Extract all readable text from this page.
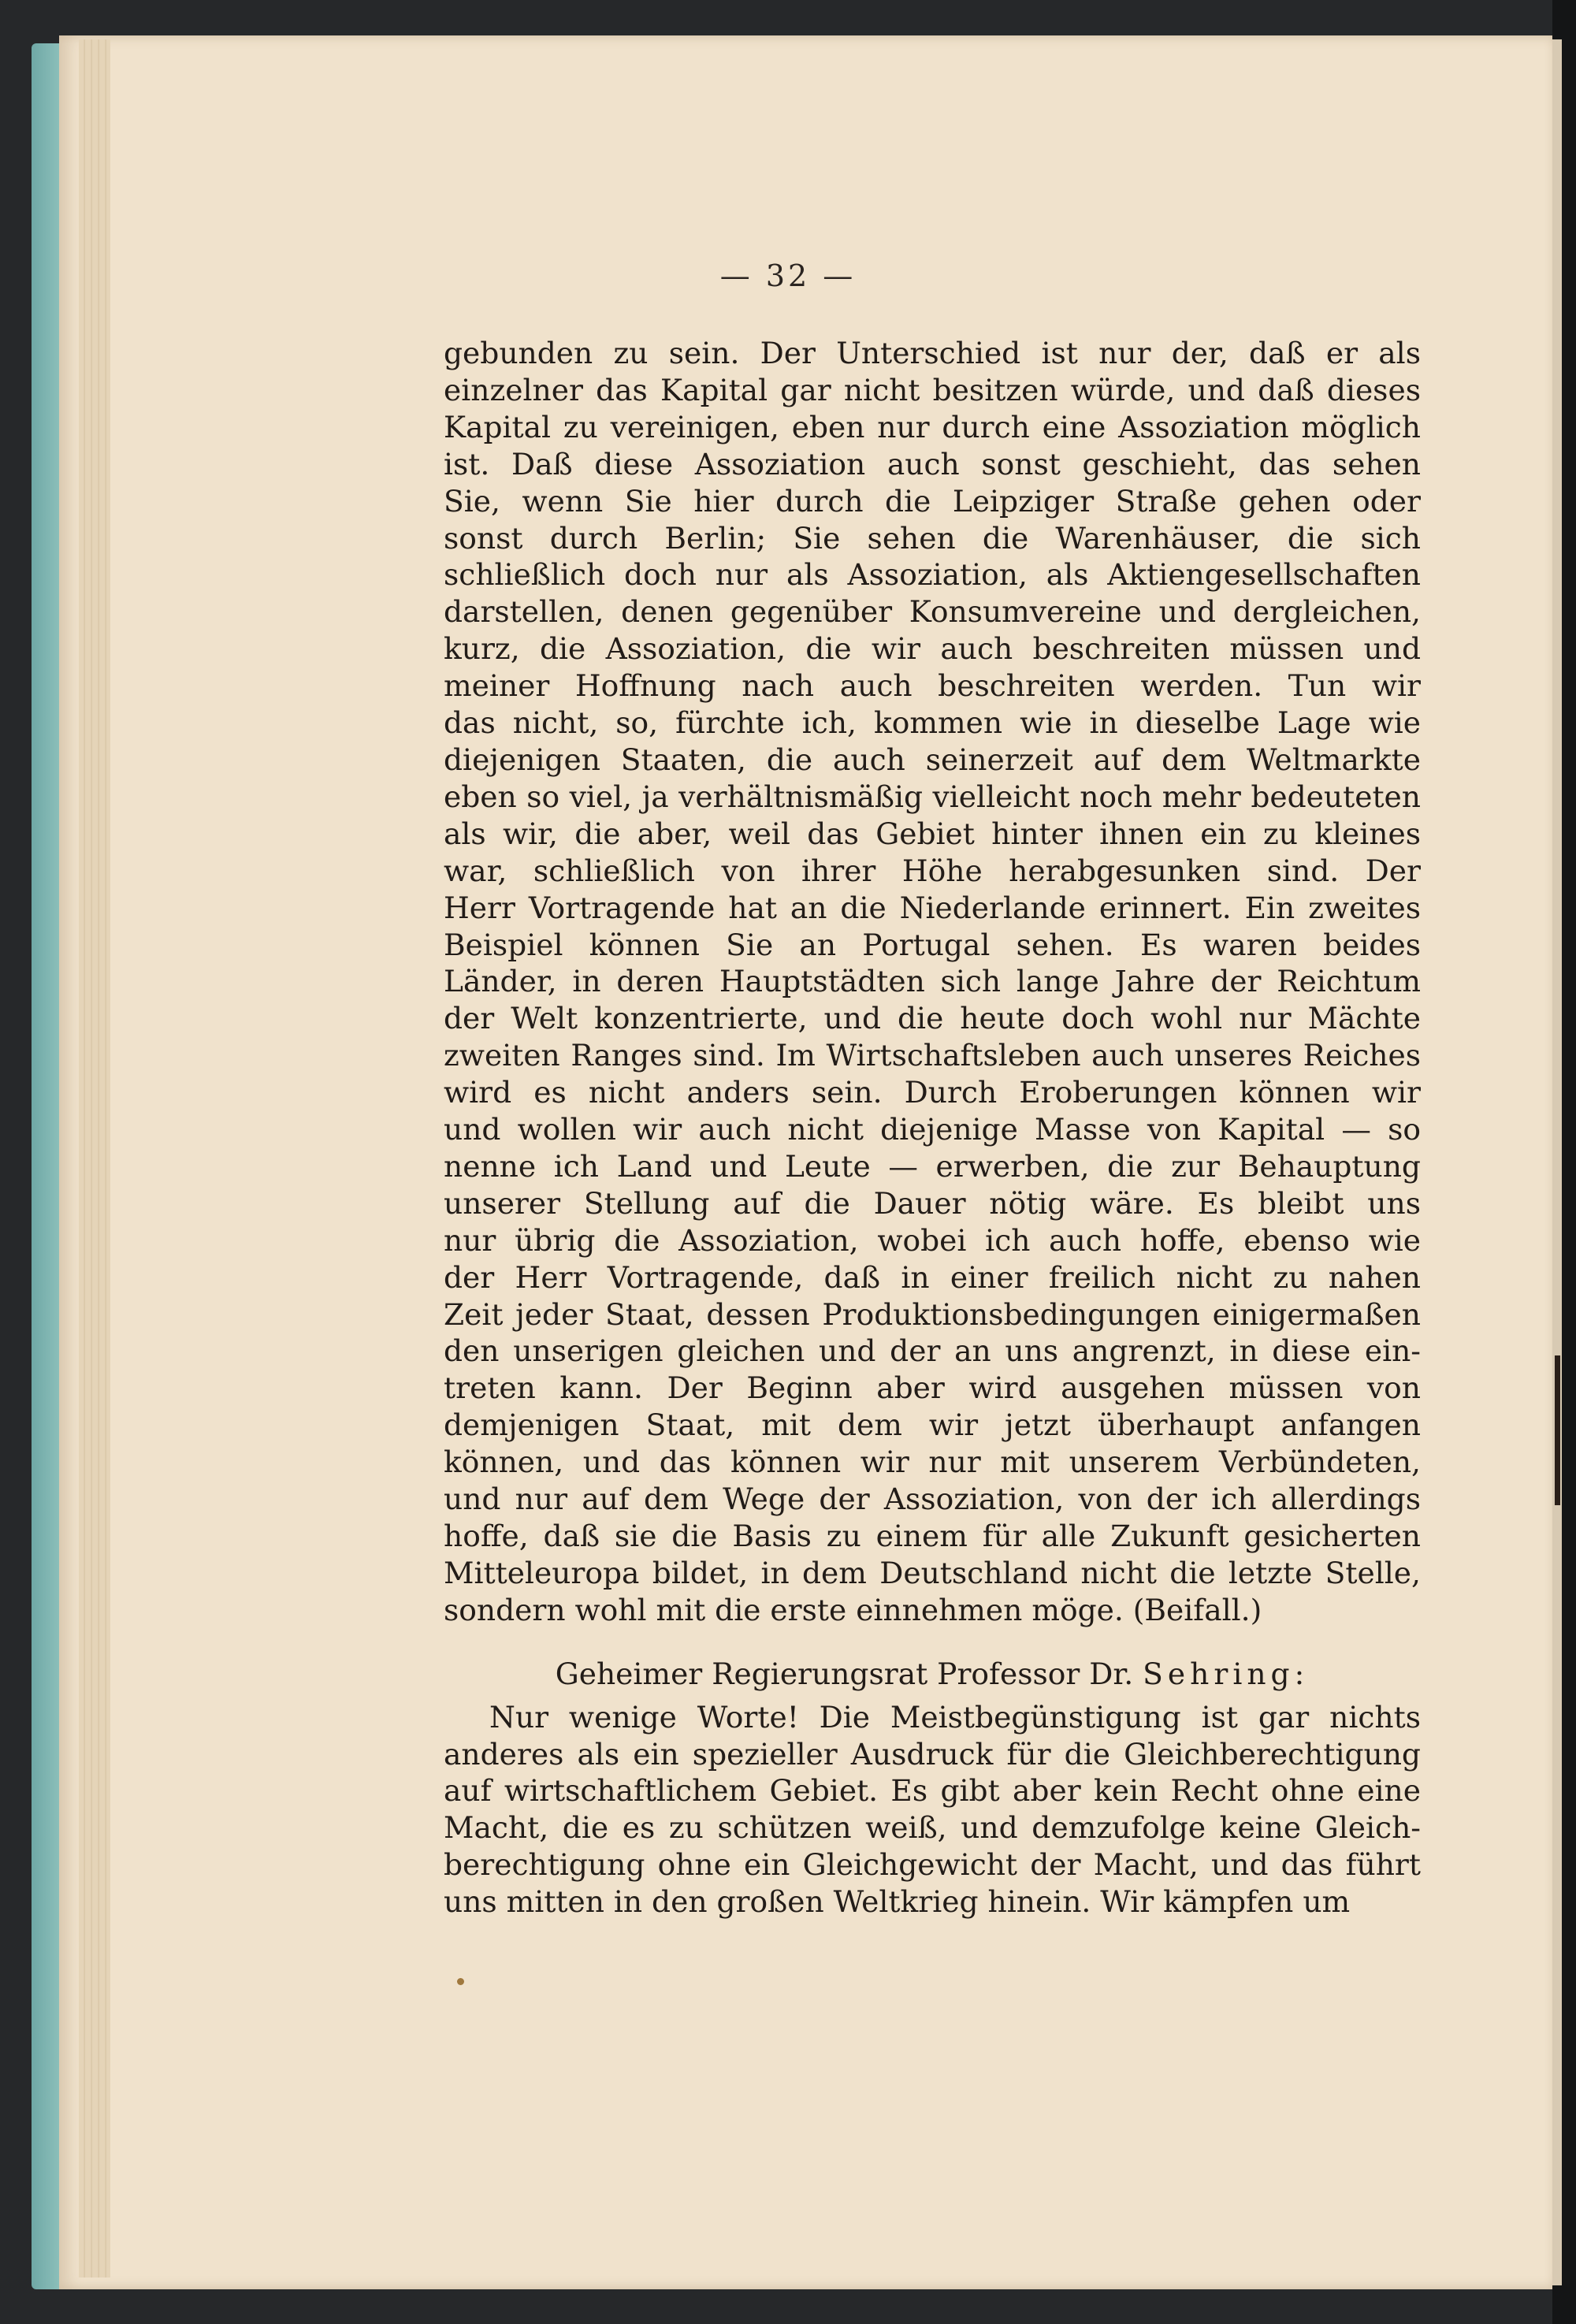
— 32 —
gebunden zu sein. Der Unterschied ist nur der, daß er als
einzelner das Kapital gar nicht besitzen würde, und daß dieses
Kapital zu vereinigen, eben nur durch eine Assoziation möglich
ist. Daß diese Assoziation auch sonst geschieht, das sehen
Sie, wenn Sie hier durch die Leipziger Straße gehen oder
sonst durch Berlin; Sie sehen die Warenhäuser, die sich
schließlich doch nur als Assoziation, als Aktiengesellschaften
darstellen, denen gegenüber Konsumvereine und dergleichen,
kurz, die Assoziation, die wir auch beschreiten müssen und
meiner Hoffnung nach auch beschreiten werden. Tun wir
das nicht, so, fürchte ich, kommen wie in dieselbe Lage wie
diejenigen Staaten, die auch seinerzeit auf dem Weltmarkte
eben so viel, ja verhältnismäßig vielleicht noch mehr bedeuteten
als wir, die aber, weil das Gebiet hinter ihnen ein zu kleines
war, schließlich von ihrer Höhe herabgesunken sind. Der
Herr Vortragende hat an die Niederlande erinnert. Ein zweites
Beispiel können Sie an Portugal sehen. Es waren beides
Länder, in deren Hauptstädten sich lange Jahre der Reichtum
der Welt konzentrierte, und die heute doch wohl nur Mächte
zweiten Ranges sind. Im Wirtschaftsleben auch unseres Reiches
wird es nicht anders sein. Durch Eroberungen können wir
und wollen wir auch nicht diejenige Masse von Kapital — so
nenne ich Land und Leute — erwerben, die zur Behauptung
unserer Stellung auf die Dauer nötig wäre. Es bleibt uns
nur übrig die Assoziation, wobei ich auch hoffe, ebenso wie
der Herr Vortragende, daß in einer freilich nicht zu nahen
Zeit jeder Staat, dessen Produktionsbedingungen einigermaßen
den unserigen gleichen und der an uns angrenzt, in diese ein-
treten kann. Der Beginn aber wird ausgehen müssen von
demjenigen Staat, mit dem wir jetzt überhaupt anfangen
können, und das können wir nur mit unserem Verbündeten,
und nur auf dem Wege der Assoziation, von der ich allerdings
hoffe, daß sie die Basis zu einem für alle Zukunft gesicherten
Mitteleuropa bildet, in dem Deutschland nicht die letzte Stelle,
sondern wohl mit die erste einnehmen möge. (Beifall.)
Geheimer Regierungsrat Professor Dr. Sehring:
Nur wenige Worte! Die Meistbegünstigung ist gar nichts
anderes als ein spezieller Ausdruck für die Gleichberechtigung
auf wirtschaftlichem Gebiet. Es gibt aber kein Recht ohne eine
Macht, die es zu schützen weiß, und demzufolge keine Gleich-
berechtigung ohne ein Gleichgewicht der Macht, und das führt
uns mitten in den großen Weltkrieg hinein. Wir kämpfen um
